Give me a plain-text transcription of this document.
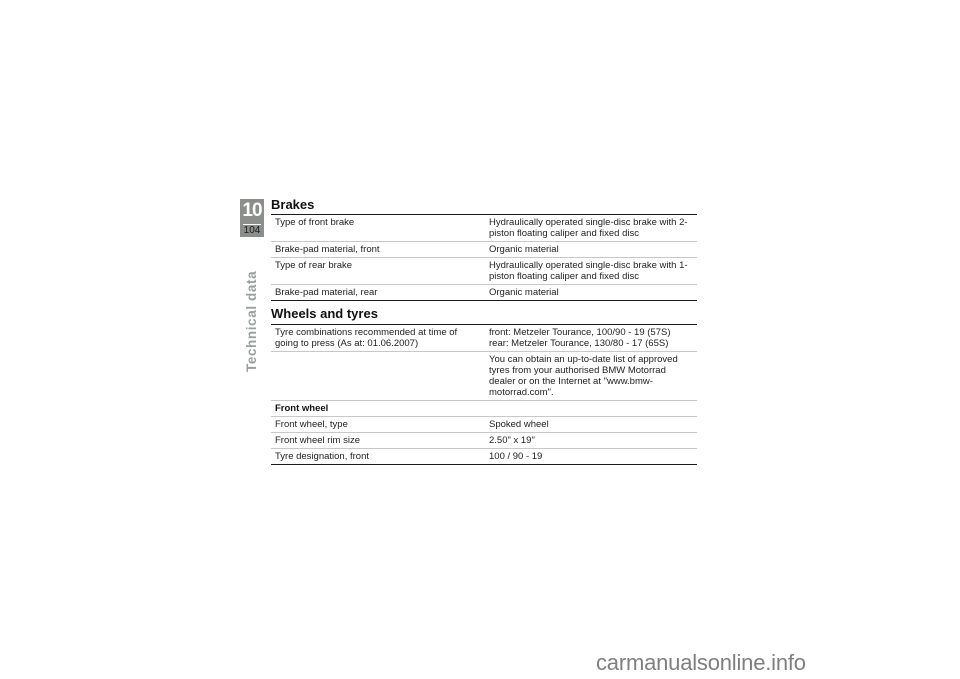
10
104
Technical data
Brakes
Type of front brake	Hydraulically operated single-disc brake with 2-piston floating caliper and fixed disc
Brake-pad material, front	Organic material
Type of rear brake	Hydraulically operated single-disc brake with 1-piston floating caliper and fixed disc
Brake-pad material, rear	Organic material
Wheels and tyres
Tyre combinations recommended at time of going to press (As at: 01.06.2007)	front: Metzeler Tourance, 100/90 - 19 (57S)
rear: Metzeler Tourance, 130/80 - 17 (65S)

	You can obtain an up-to-date list of approved tyres from your authorised BMW Motorrad dealer or on the Internet at "www.bmw-motorrad.com".
Front wheel	
Front wheel, type	Spoked wheel
Front wheel rim size	2.50" x 19"
Tyre designation, front	100 / 90 - 19
carmanualsonline.info
